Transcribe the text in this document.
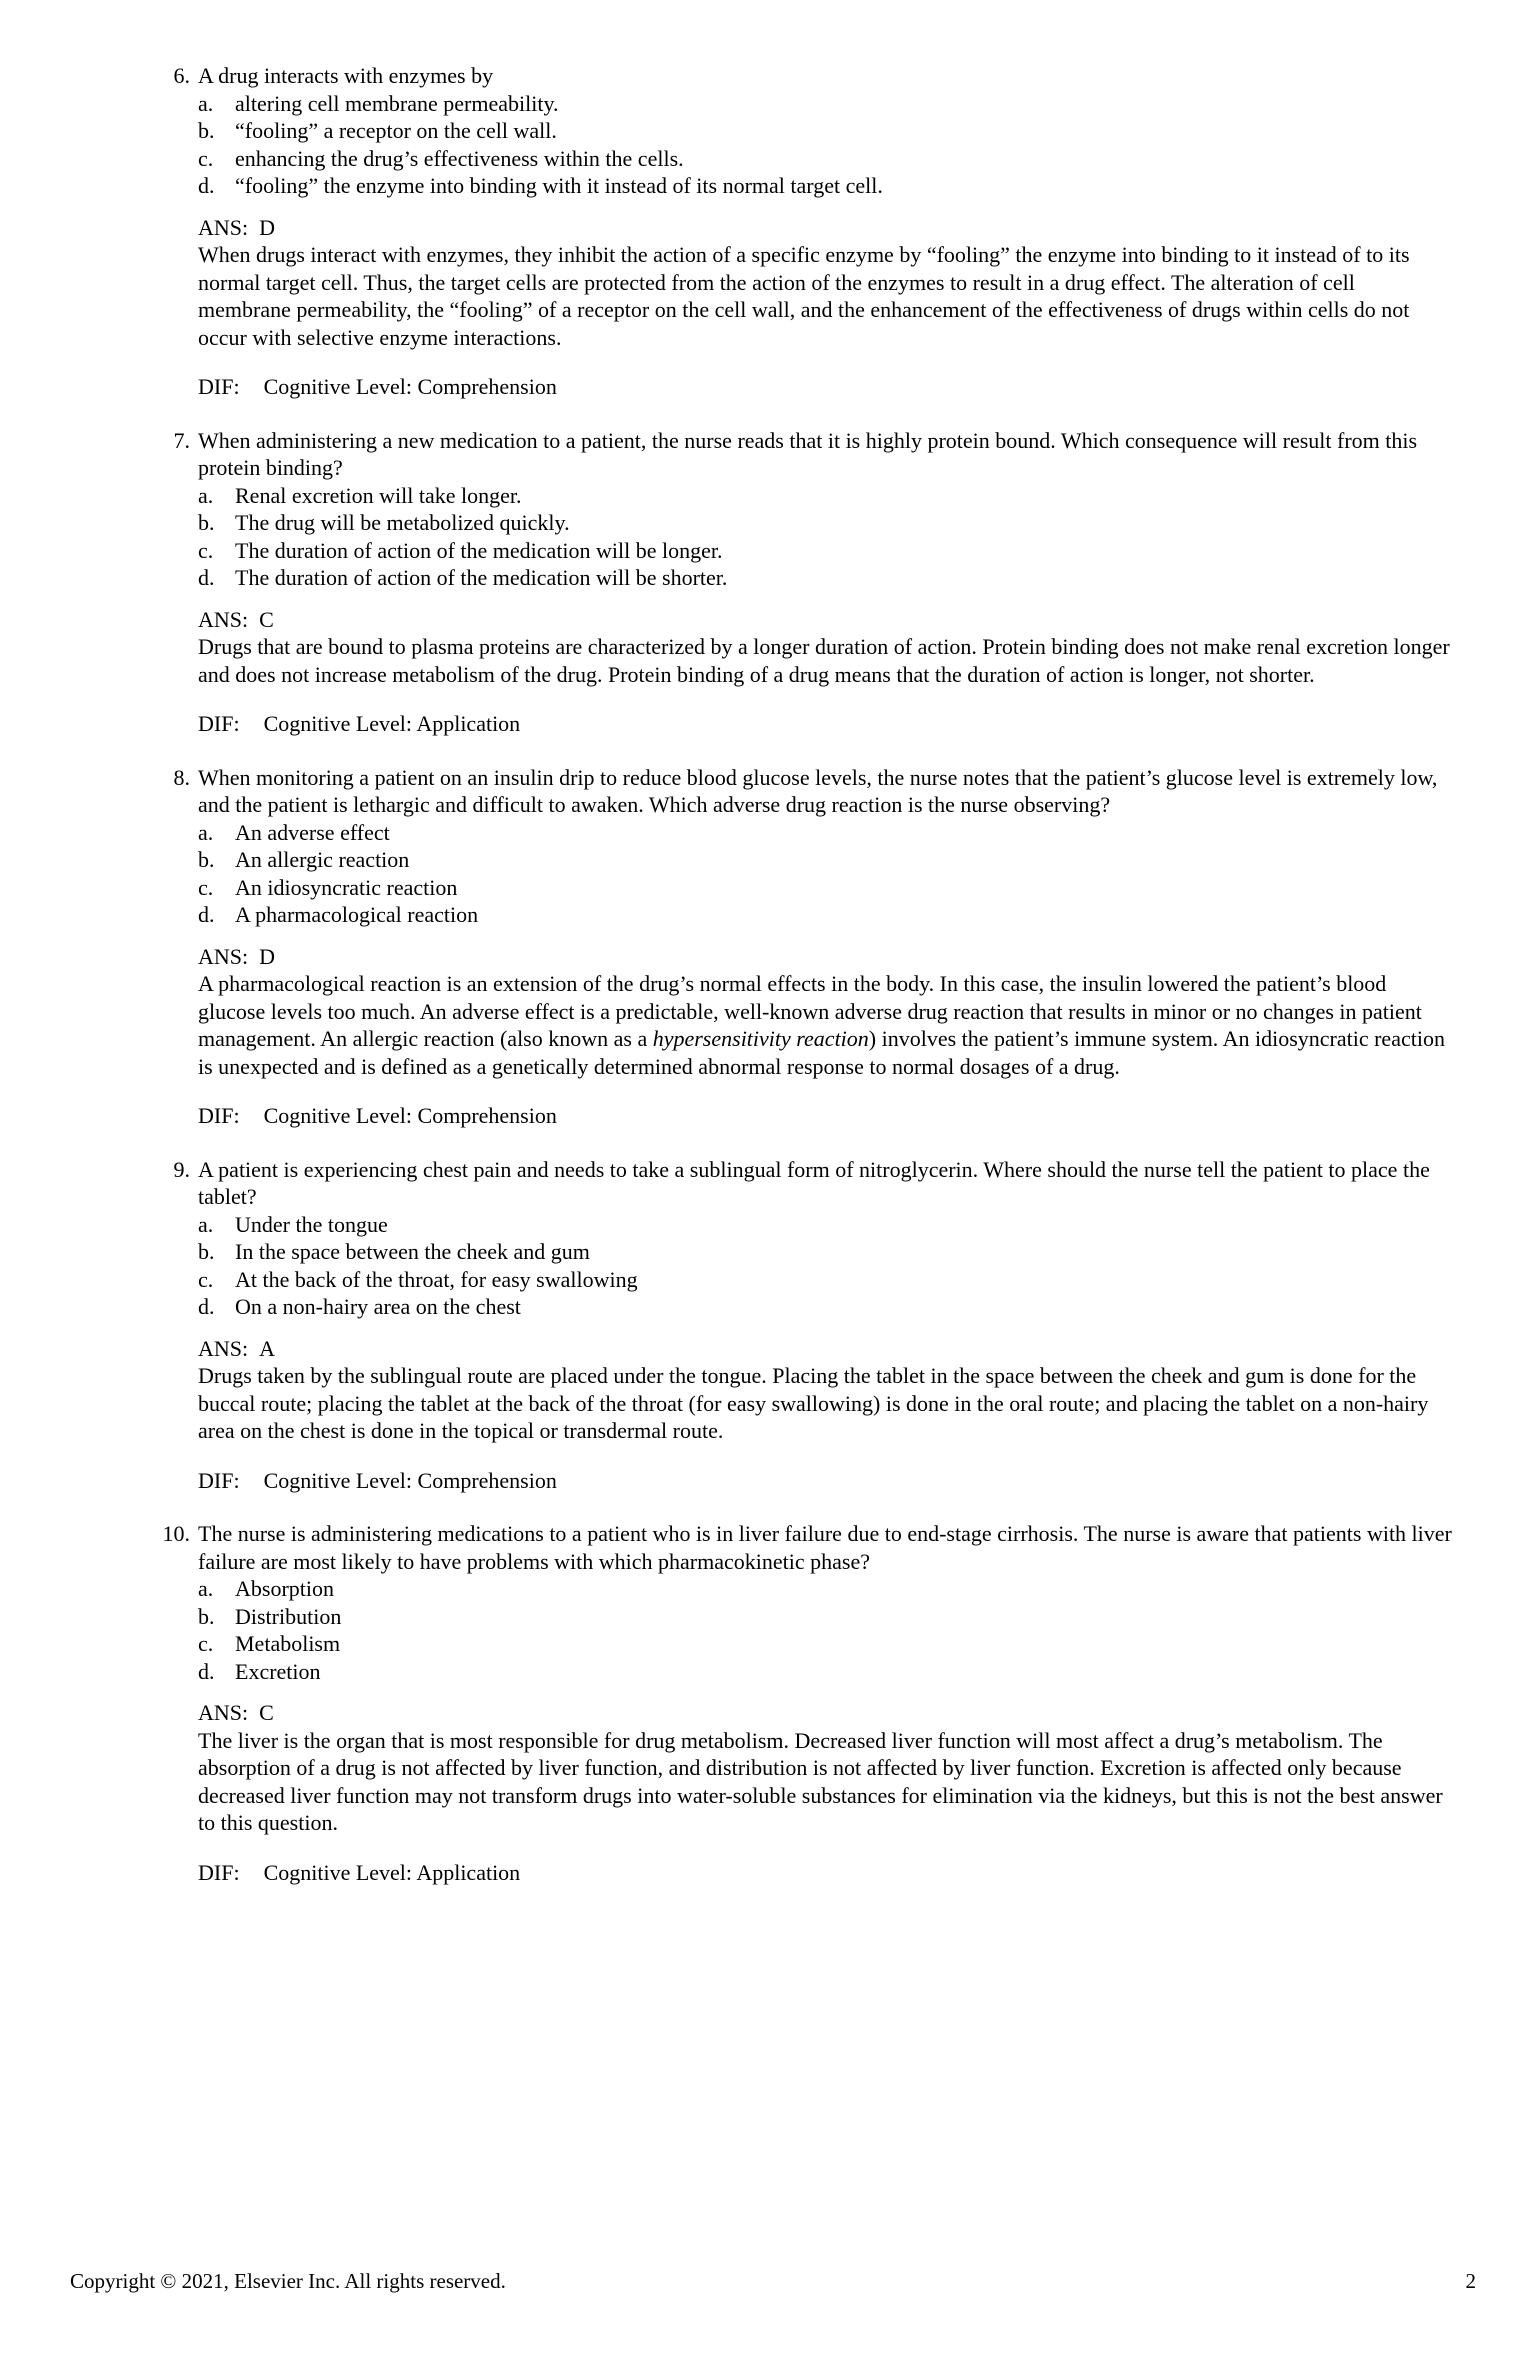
6. A drug interacts with enzymes by
a. altering cell membrane permeability.
b. “fooling” a receptor on the cell wall.
c. enhancing the drug’s effectiveness within the cells.
d. “fooling” the enzyme into binding with it instead of its normal target cell.
ANS: D
When drugs interact with enzymes, they inhibit the action of a specific enzyme by “fooling” the enzyme into binding to it instead of to its normal target cell. Thus, the target cells are protected from the action of the enzymes to result in a drug effect. The alteration of cell membrane permeability, the “fooling” of a receptor on the cell wall, and the enhancement of the effectiveness of drugs within cells do not occur with selective enzyme interactions.
DIF: Cognitive Level: Comprehension
7. When administering a new medication to a patient, the nurse reads that it is highly protein bound. Which consequence will result from this protein binding?
a. Renal excretion will take longer.
b. The drug will be metabolized quickly.
c. The duration of action of the medication will be longer.
d. The duration of action of the medication will be shorter.
ANS: C
Drugs that are bound to plasma proteins are characterized by a longer duration of action. Protein binding does not make renal excretion longer and does not increase metabolism of the drug. Protein binding of a drug means that the duration of action is longer, not shorter.
DIF: Cognitive Level: Application
8. When monitoring a patient on an insulin drip to reduce blood glucose levels, the nurse notes that the patient’s glucose level is extremely low, and the patient is lethargic and difficult to awaken. Which adverse drug reaction is the nurse observing?
a. An adverse effect
b. An allergic reaction
c. An idiosyncratic reaction
d. A pharmacological reaction
ANS: D
A pharmacological reaction is an extension of the drug’s normal effects in the body. In this case, the insulin lowered the patient’s blood glucose levels too much. An adverse effect is a predictable, well-known adverse drug reaction that results in minor or no changes in patient management. An allergic reaction (also known as a hypersensitivity reaction) involves the patient’s immune system. An idiosyncratic reaction is unexpected and is defined as a genetically determined abnormal response to normal dosages of a drug.
DIF: Cognitive Level: Comprehension
9. A patient is experiencing chest pain and needs to take a sublingual form of nitroglycerin. Where should the nurse tell the patient to place the tablet?
a. Under the tongue
b. In the space between the cheek and gum
c. At the back of the throat, for easy swallowing
d. On a non-hairy area on the chest
ANS: A
Drugs taken by the sublingual route are placed under the tongue. Placing the tablet in the space between the cheek and gum is done for the buccal route; placing the tablet at the back of the throat (for easy swallowing) is done in the oral route; and placing the tablet on a non-hairy area on the chest is done in the topical or transdermal route.
DIF: Cognitive Level: Comprehension
10. The nurse is administering medications to a patient who is in liver failure due to end-stage cirrhosis. The nurse is aware that patients with liver failure are most likely to have problems with which pharmacokinetic phase?
a. Absorption
b. Distribution
c. Metabolism
d. Excretion
ANS: C
The liver is the organ that is most responsible for drug metabolism. Decreased liver function will most affect a drug’s metabolism. The absorption of a drug is not affected by liver function, and distribution is not affected by liver function. Excretion is affected only because decreased liver function may not transform drugs into water-soluble substances for elimination via the kidneys, but this is not the best answer to this question.
DIF: Cognitive Level: Application
Copyright © 2021, Elsevier Inc. All rights reserved.	2
